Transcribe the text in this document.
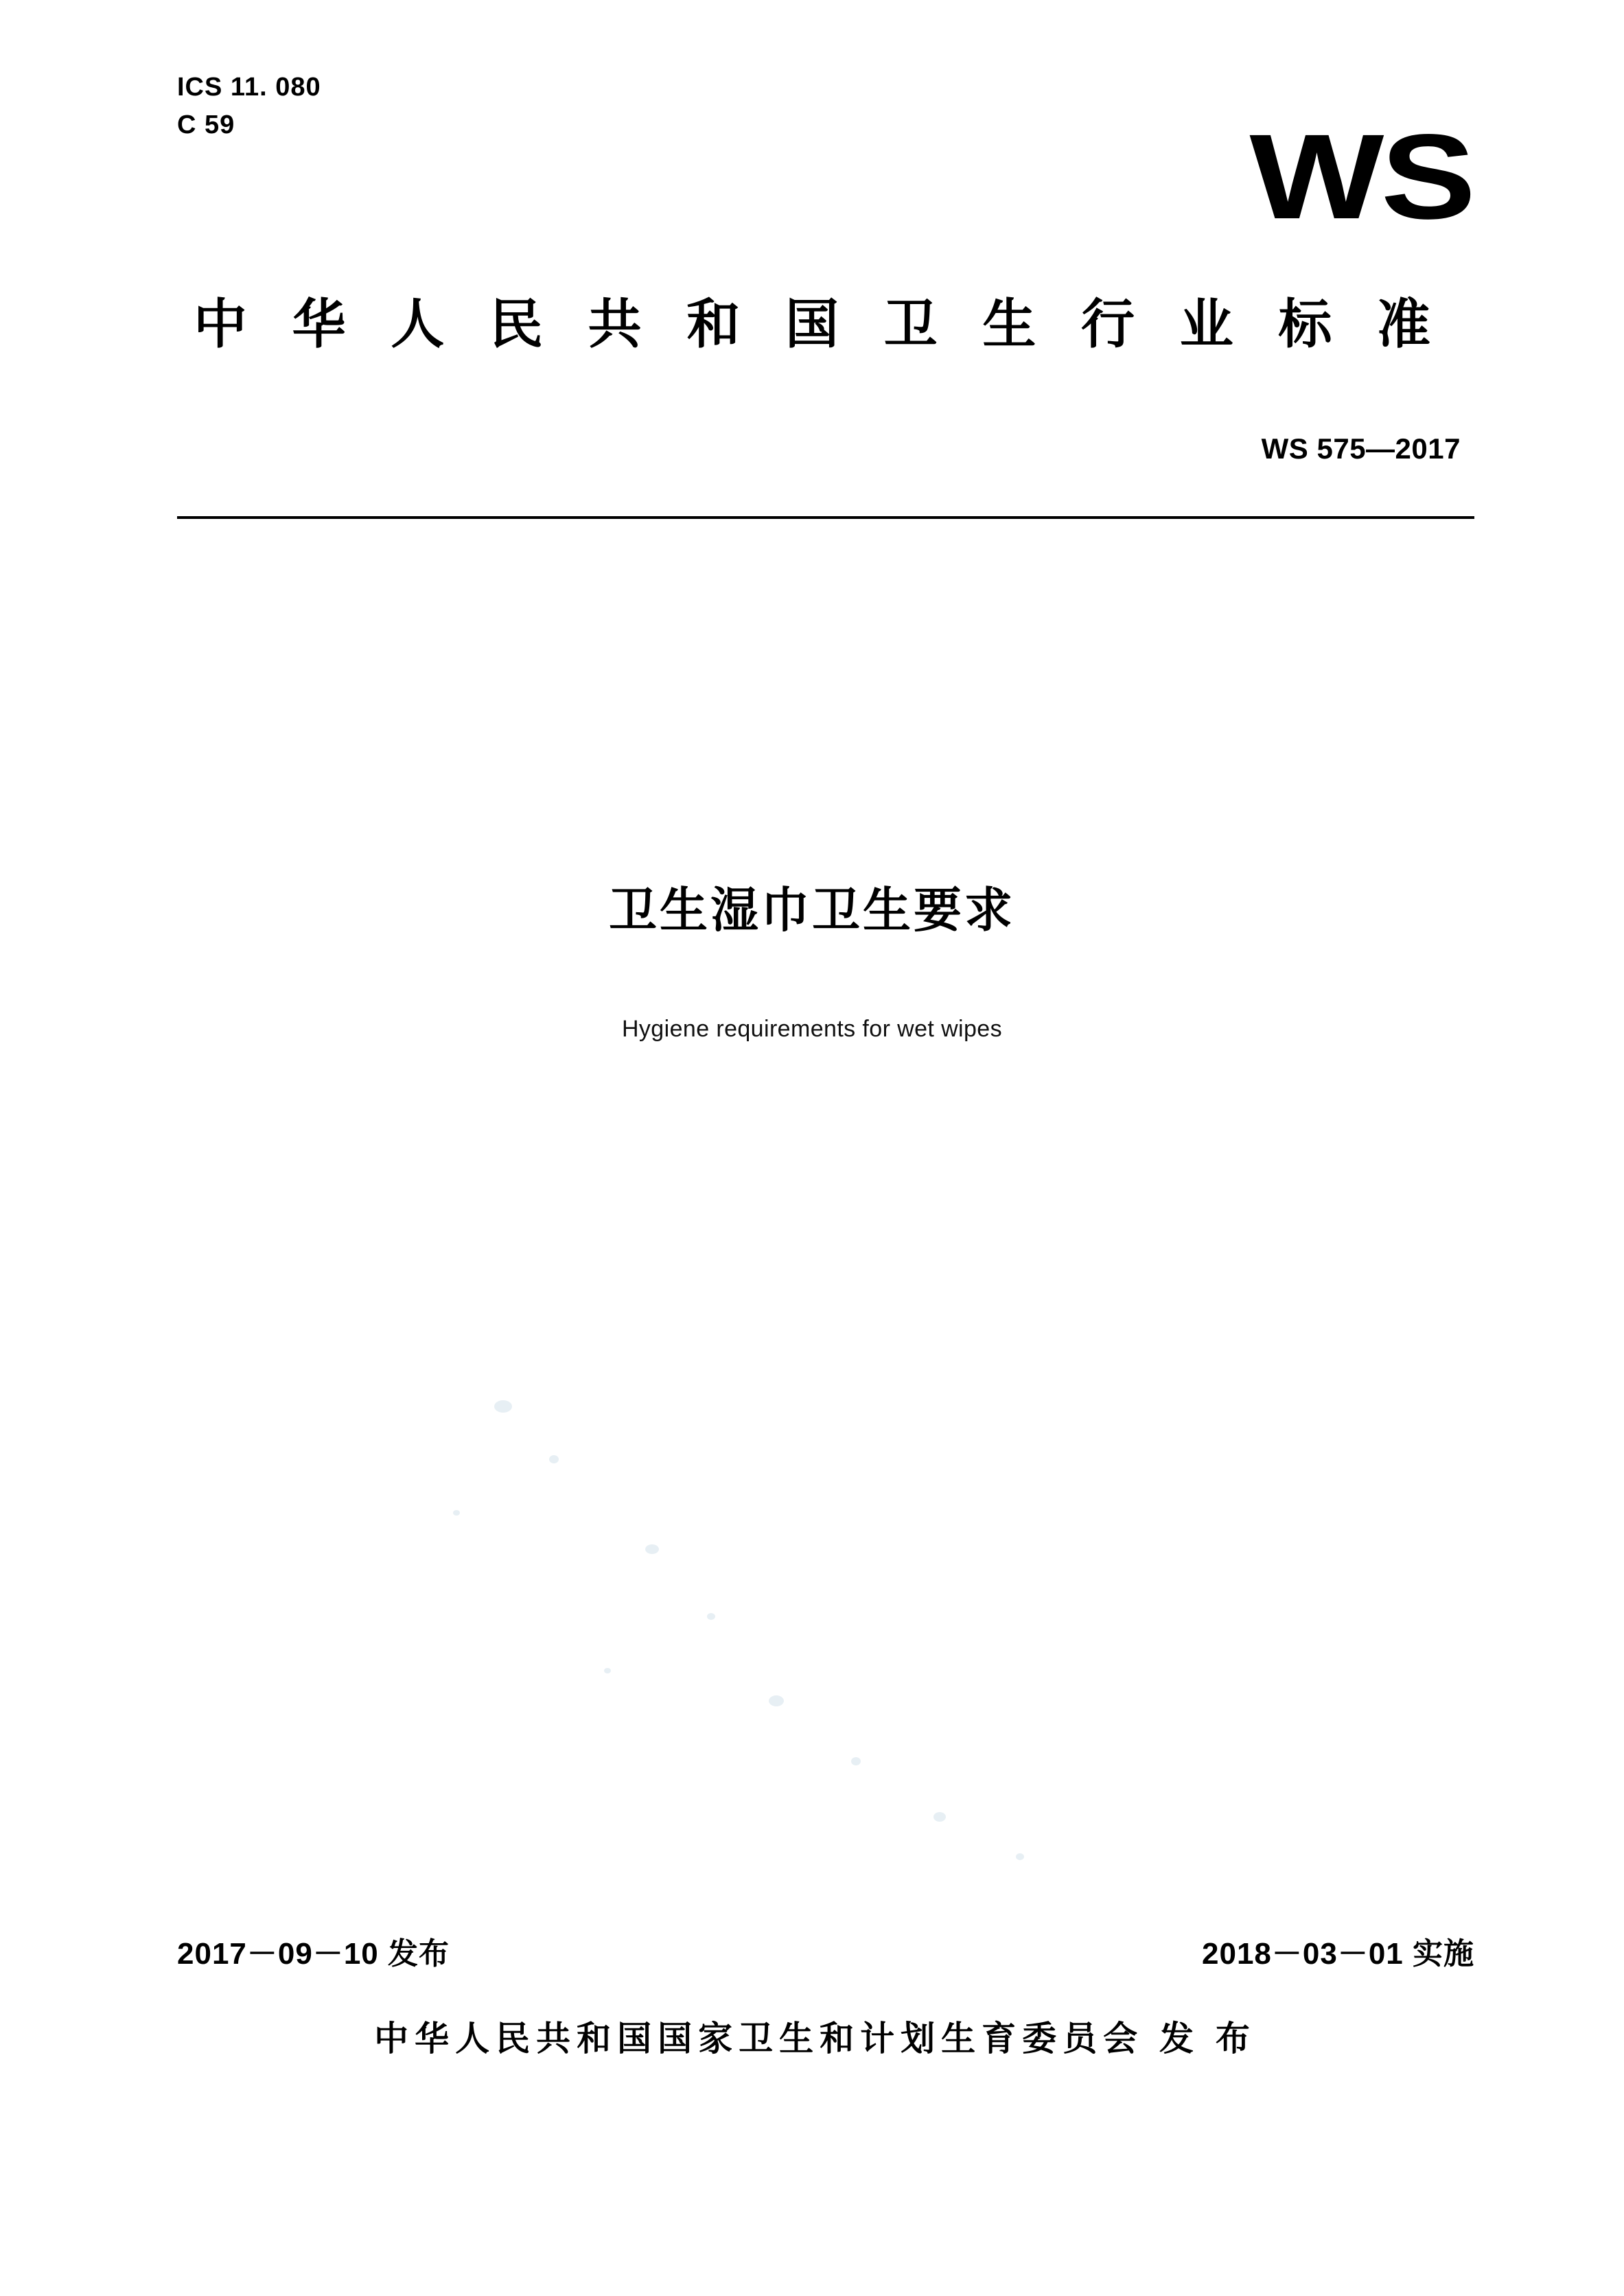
ICS 11. 080
C 59	WS
中 华 人 民 共 和 国 卫 生 行 业 标 准
WS 575—2017
卫生湿巾卫生要求
Hygiene requirements for wet wipes
2017－09－10 发布	2018－03－01 实施
中华人民共和国国家卫生和计划生育委员会 发 布
